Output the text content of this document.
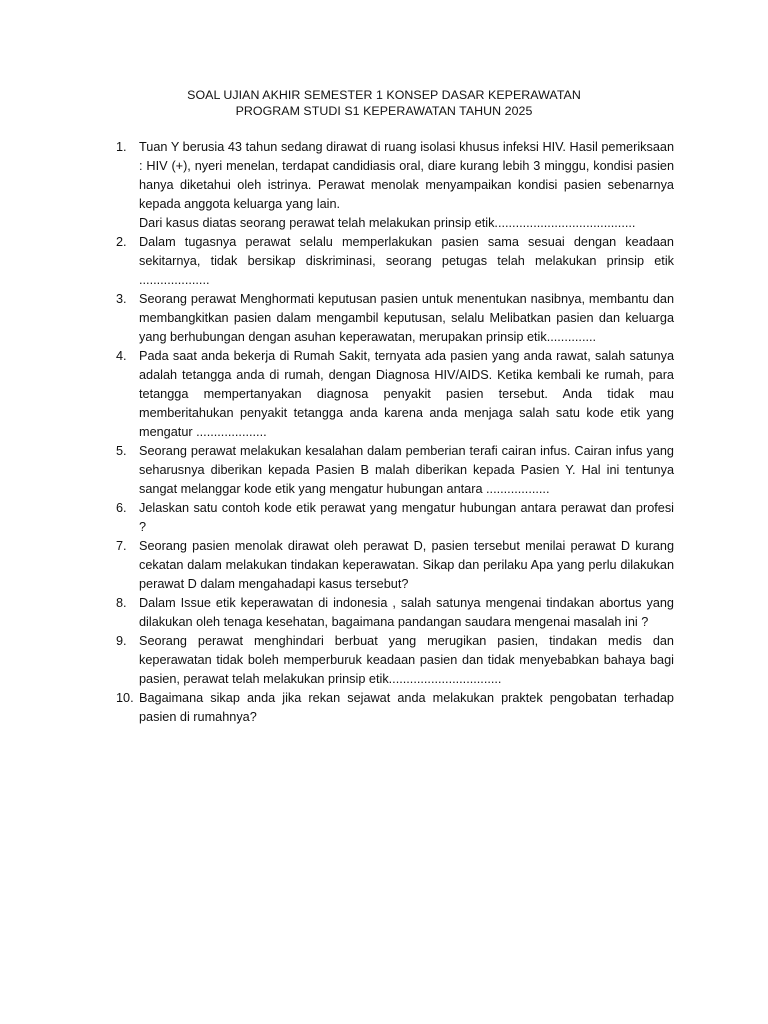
SOAL UJIAN AKHIR SEMESTER 1 KONSEP DASAR KEPERAWATAN
PROGRAM STUDI S1 KEPERAWATAN TAHUN 2025
1. Tuan Y berusia 43 tahun sedang dirawat di ruang isolasi khusus infeksi HIV. Hasil pemeriksaan : HIV (+), nyeri menelan, terdapat candidiasis oral, diare kurang lebih 3 minggu, kondisi pasien hanya diketahui oleh istrinya. Perawat menolak menyampaikan kondisi pasien sebenarnya kepada anggota keluarga yang lain.
Dari kasus diatas seorang perawat telah melakukan prinsip etik........................................
2. Dalam tugasnya perawat selalu memperlakukan pasien sama sesuai dengan keadaan sekitarnya, tidak bersikap diskriminasi, seorang petugas telah melakukan prinsip etik ....................
3. Seorang perawat Menghormati keputusan pasien untuk menentukan nasibnya, membantu dan membangkitkan pasien dalam mengambil keputusan, selalu Melibatkan pasien dan keluarga yang berhubungan dengan asuhan keperawatan, merupakan prinsip etik..............
4. Pada saat anda bekerja di Rumah Sakit, ternyata ada pasien yang anda rawat, salah satunya adalah tetangga anda di rumah, dengan Diagnosa HIV/AIDS. Ketika kembali ke rumah, para tetangga mempertanyakan diagnosa penyakit pasien tersebut. Anda tidak mau memberitahukan penyakit tetangga anda karena anda menjaga salah satu kode etik yang mengatur ....................
5. Seorang perawat melakukan kesalahan dalam pemberian terafi cairan infus. Cairan infus yang seharusnya diberikan kepada Pasien B malah diberikan kepada Pasien Y. Hal ini tentunya sangat melanggar kode etik yang mengatur hubungan antara ..................
6. Jelaskan satu contoh kode etik perawat yang mengatur hubungan antara perawat dan profesi ?
7. Seorang pasien menolak dirawat oleh perawat D, pasien tersebut menilai perawat D kurang cekatan dalam melakukan tindakan keperawatan. Sikap dan perilaku Apa yang perlu dilakukan perawat D dalam mengahadapi kasus tersebut?
8. Dalam Issue etik keperawatan di indonesia , salah satunya mengenai tindakan abortus yang dilakukan oleh tenaga kesehatan, bagaimana pandangan saudara mengenai masalah ini ?
9. Seorang perawat menghindari berbuat yang merugikan pasien, tindakan medis dan keperawatan tidak boleh memperburuk keadaan pasien dan tidak menyebabkan bahaya bagi pasien, perawat telah melakukan prinsip etik................................
10. Bagaimana sikap anda jika rekan sejawat anda melakukan praktek pengobatan terhadap pasien di rumahnya?
